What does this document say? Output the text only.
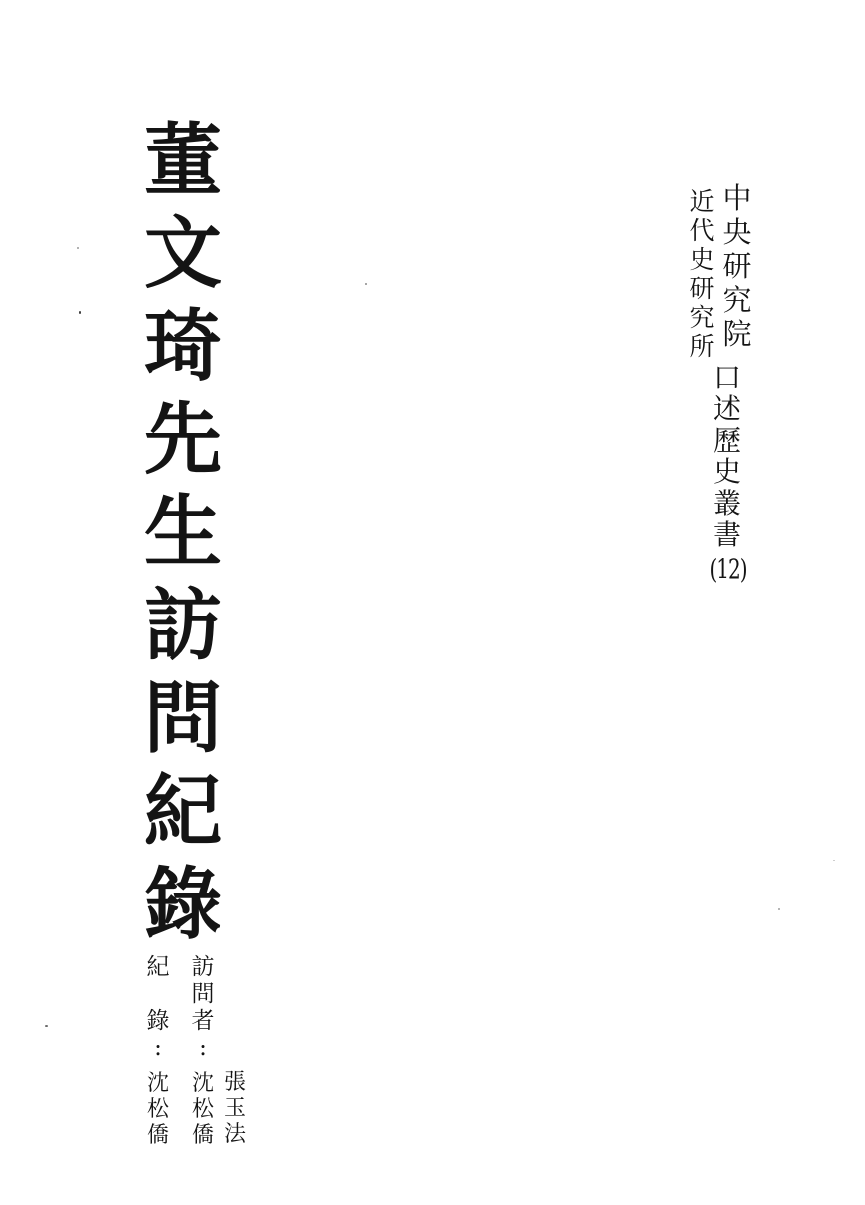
董
文
琦
先
生
訪
問
紀
錄
中
央
研
究
院
近
代
史
研
究
所
口
述
歷
史
叢
書
(12)
訪
問
者
:
沈
松
僑
張
玉
法
紀
錄
:
沈
松
僑
